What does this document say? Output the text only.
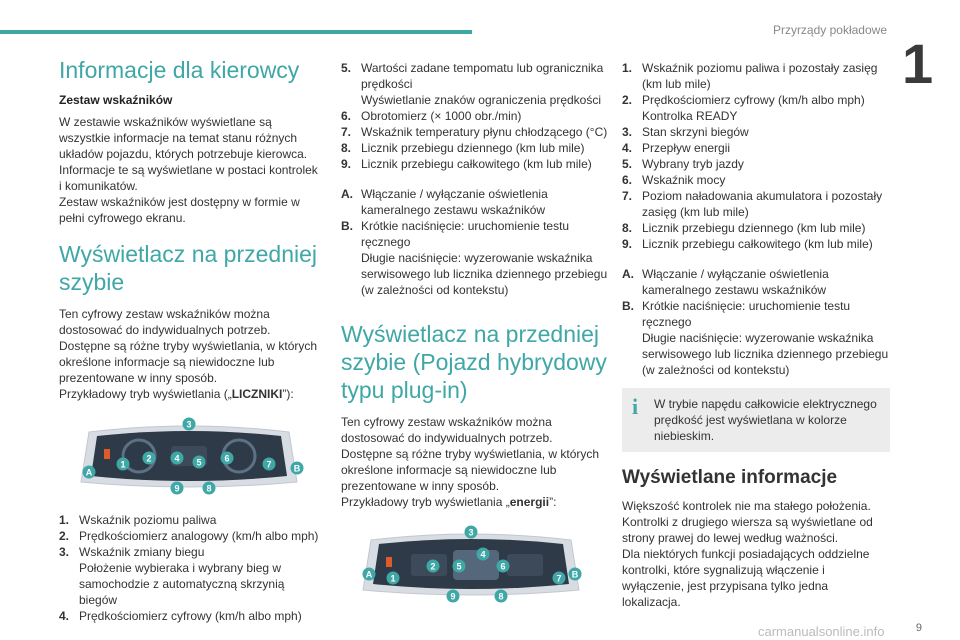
Przyrządy pokładowe
1
Informacje dla kierowcy
Zestaw wskaźników

W zestawie wskaźników wyświetlane są wszystkie informacje na temat stanu różnych układów pojazdu, których potrzebuje kierowca.

Informacje te są wyświetlane w postaci kontrolek i komunikatów.

Zestaw wskaźników jest dostępny w formie w pełni cyfrowego ekranu.

Wyświetlacz na przedniej szybie

Ten cyfrowy zestaw wskaźników można dostosować do indywidualnych potrzeb.

Dostępne są różne tryby wyświetlania, w których określone informacje są niewidoczne lub prezentowane w inny sposób.

Przykładowy tryb wyświetlania („LICZNIKI”):

1
2
3
4 5	6
7
8
9
A	B
1. Wskaźnik poziomu paliwa
2. Prędkościomierz analogowy (km/h albo mph)
3. Wskaźnik zmiany biegu
Położenie wybieraka i wybrany bieg w samochodzie z automatyczną skrzynią biegów
4. Prędkościomierz cyfrowy (km/h albo mph)
5. Wartości zadane tempomatu lub ogranicznika prędkości
Wyświetlanie znaków ograniczenia prędkości
6. Obrotomierz (× 1000 obr./min)
7. Wskaźnik temperatury płynu chłodzącego (°C)
8. Licznik przebiegu dziennego (km lub mile)
9. Licznik przebiegu całkowitego (km lub mile)
A. Włączanie / wyłączanie oświetlenia kameralnego zestawu wskaźników
B. Krótkie naciśnięcie: uruchomienie testu ręcznego
Długie naciśnięcie: wyzerowanie wskaźnika serwisowego lub licznika dziennego przebiegu (w zależności od kontekstu)
Wyświetlacz na przedniej szybie (Pojazd hybrydowy typu plug-in)

Ten cyfrowy zestaw wskaźników można dostosować do indywidualnych potrzeb.

Dostępne są różne tryby wyświetlania, w których określone informacje są niewidoczne lub prezentowane w inny sposób.

Przykładowy tryb wyświetlania „energii”:

1
2
3
4
5	6
7
8
9
A	B
1. Wskaźnik poziomu paliwa i pozostały zasięg (km lub mile)
2. Prędkościomierz cyfrowy (km/h albo mph)
Kontrolka READY
3. Stan skrzyni biegów
4. Przepływ energii
5. Wybrany tryb jazdy
6. Wskaźnik mocy
7. Poziom naładowania akumulatora i pozostały zasięg (km lub mile)
8. Licznik przebiegu dziennego (km lub mile)
9. Licznik przebiegu całkowitego (km lub mile)
A. Włączanie / wyłączanie oświetlenia kameralnego zestawu wskaźników
B. Krótkie naciśnięcie: uruchomienie testu ręcznego
Długie naciśnięcie: wyzerowanie wskaźnika serwisowego lub licznika dziennego przebiegu (w zależności od kontekstu)
i W trybie napędu całkowicie elektrycznego prędkość jest wyświetlana w kolorze niebieskim.
Wyświetlane informacje

Większość kontrolek nie ma stałego położenia.

Kontrolki z drugiego wiersza są wyświetlane od strony prawej do lewej według ważności.

Dla niektórych funkcji posiadających oddzielne kontrolki, które sygnalizują włączenie i wyłączenie, jest przypisana tylko jedna lokalizacja.

9
carmanualsonline.info
